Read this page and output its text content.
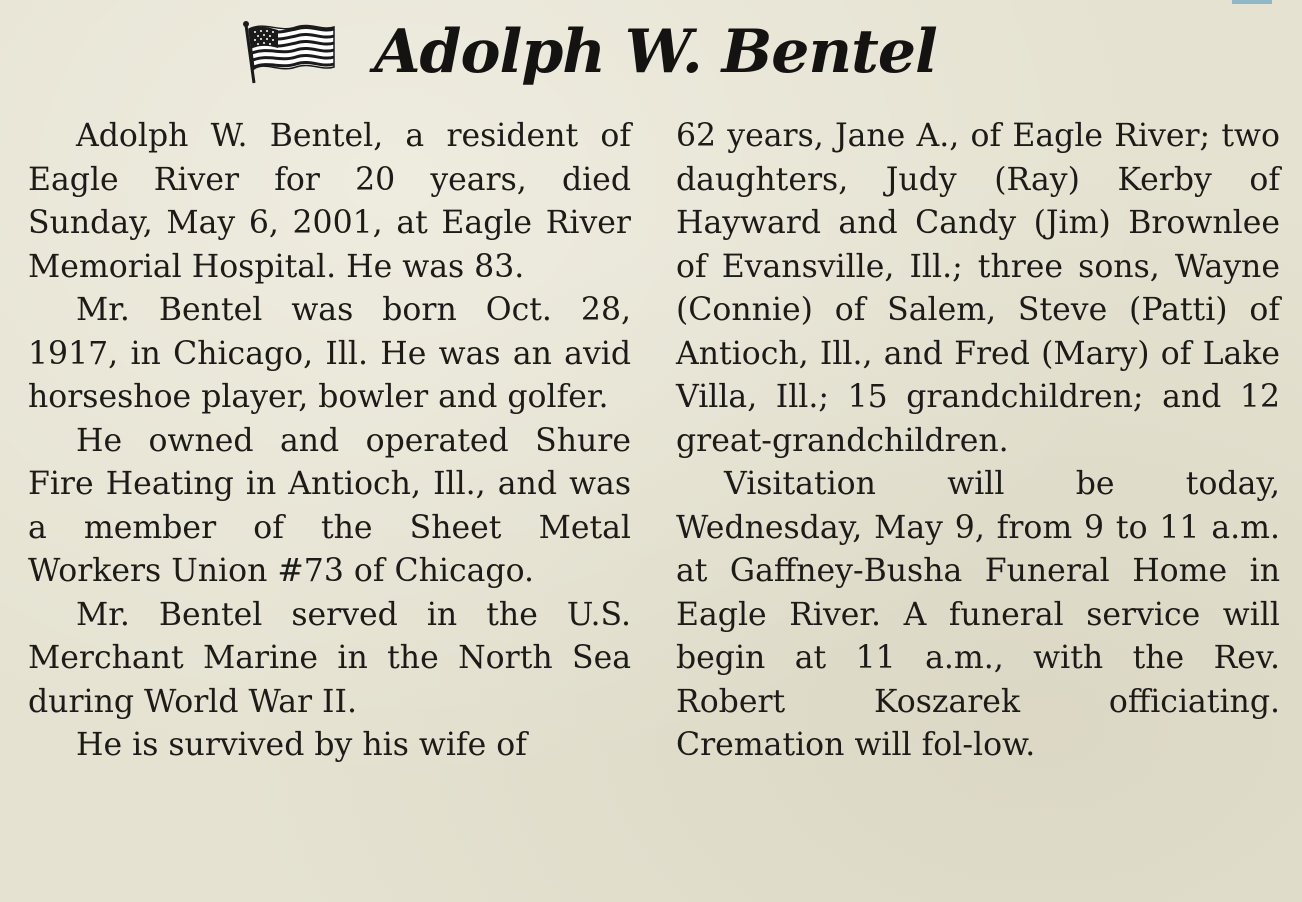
Adolph W. Bentel

Adolph W. Bentel, a resident of Eagle River for 20 years, died Sunday, May 6, 2001, at Eagle River Memorial Hospital. He was 83.

Mr. Bentel was born Oct. 28, 1917, in Chicago, Ill. He was an avid horseshoe player, bowler and golfer.

He owned and operated Shure Fire Heating in Antioch, Ill., and was a member of the Sheet Metal Workers Union #73 of Chicago.

Mr. Bentel served in the U.S. Merchant Marine in the North Sea during World War II.

He is survived by his wife of

62 years, Jane A., of Eagle River; two daughters, Judy (Ray) Kerby of Hayward and Candy (Jim) Brownlee of Evansville, Ill.; three sons, Wayne (Connie) of Salem, Steve (Patti) of Antioch, Ill., and Fred (Mary) of Lake Villa, Ill.; 15 grandchildren; and 12 great-grandchildren.

Visitation will be today, Wednesday, May 9, from 9 to 11 a.m. at Gaffney-Busha Funeral Home in Eagle River. A funeral service will begin at 11 a.m., with the Rev. Robert Koszarek officiating. Cremation will fol-low.
